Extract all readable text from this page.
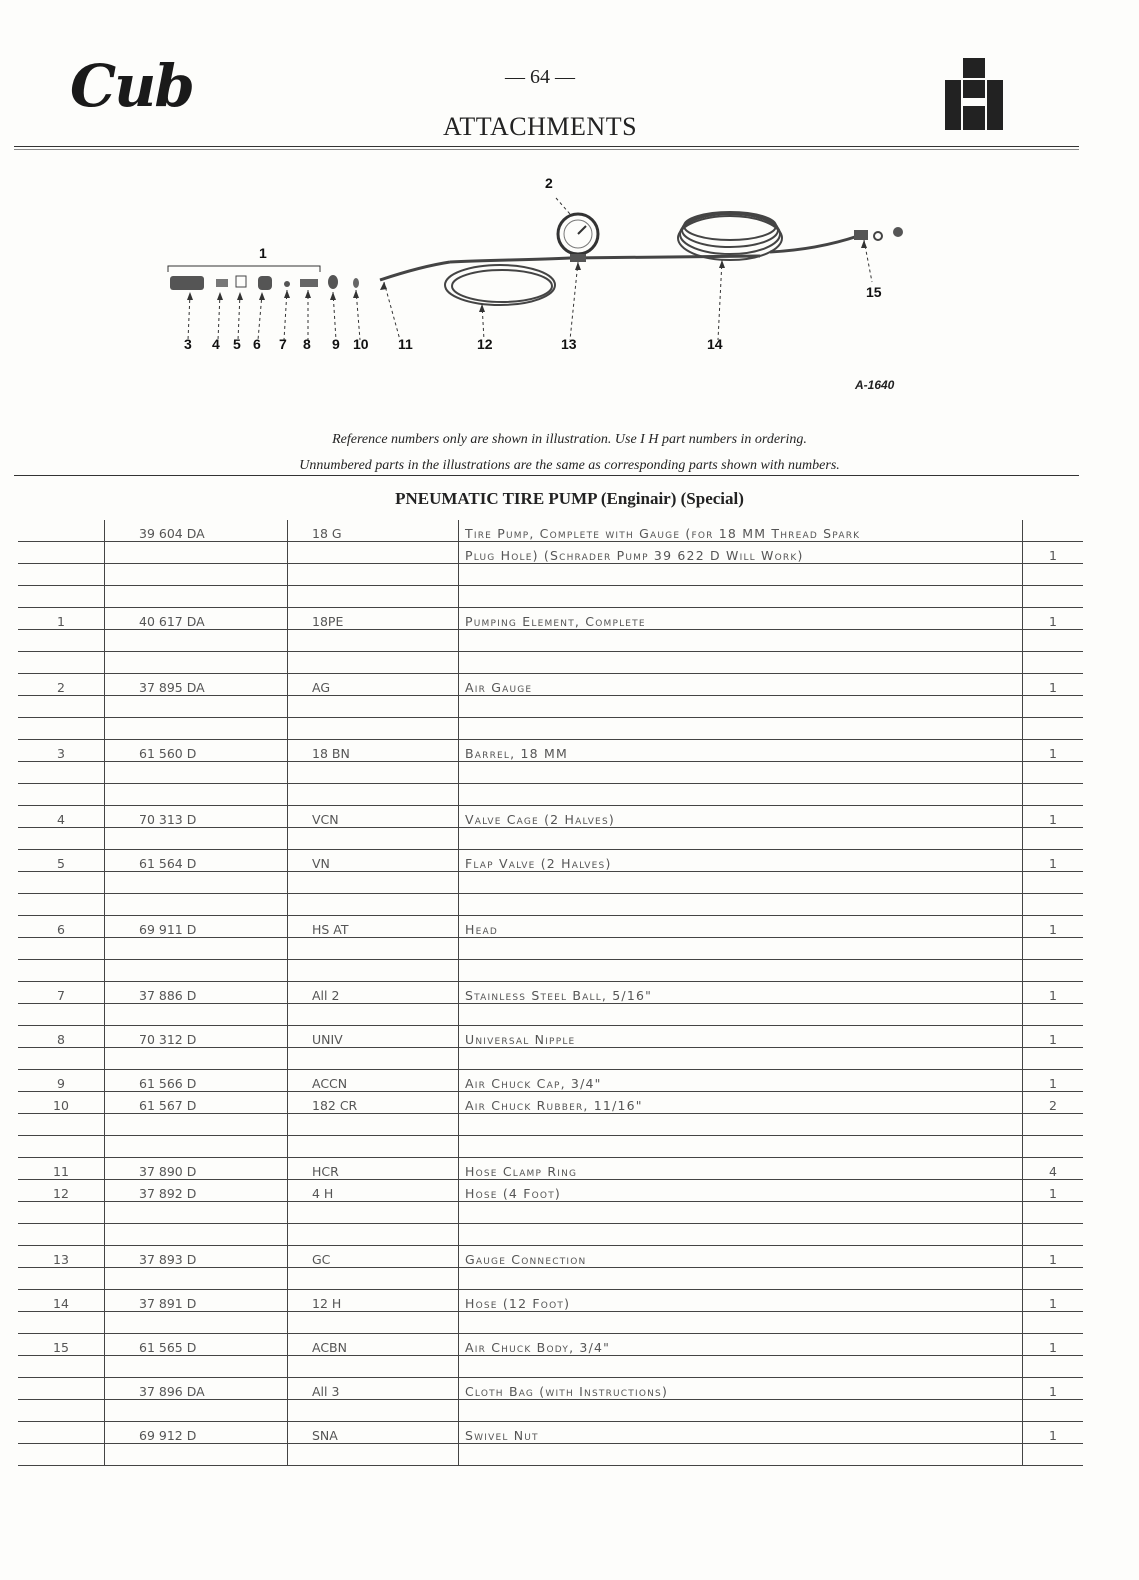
Cub	— 64 —
ATTACHMENTS
1
2
3 4 5 6 7 8 9 10 11	12	13	14
15
A-1640
Reference numbers only are shown in illustration. Use I H part numbers in ordering.
Unnumbered parts in the illustrations are the same as corresponding parts shown with numbers.
PNEUMATIC TIRE PUMP (Enginair) (Special)
	39 604 DA	18 G	Tire Pump, Complete with Gauge (for 18 MM Thread Spark	
			Plug Hole) (Schrader Pump 39 622 D Will Work)	1

1	40 617 DA	18PE	Pumping Element, Complete	1

2	37 895 DA	AG	Air Gauge	1

3	61 560 D	18 BN	Barrel, 18 MM	1

4	70 313 D	VCN	Valve Cage (2 Halves)	1

5	61 564 D	VN	Flap Valve (2 Halves)	1

6	69 911 D	HS AT	Head	1

7	37 886 D	All 2	Stainless Steel Ball, 5/16"	1

8	70 312 D	UNIV	Universal Nipple	1

9	61 566 D	ACCN	Air Chuck Cap, 3/4"	1
10	61 567 D	182 CR	Air Chuck Rubber, 11/16"	2

11	37 890 D	HCR	Hose Clamp Ring	4
12	37 892 D	4 H	Hose (4 Foot)	1

13	37 893 D	GC	Gauge Connection	1

14	37 891 D	12 H	Hose (12 Foot)	1

15	61 565 D	ACBN	Air Chuck Body, 3/4"	1

	37 896 DA	All 3	Cloth Bag (with Instructions)	1

	69 912 D	SNA	Swivel Nut	1
